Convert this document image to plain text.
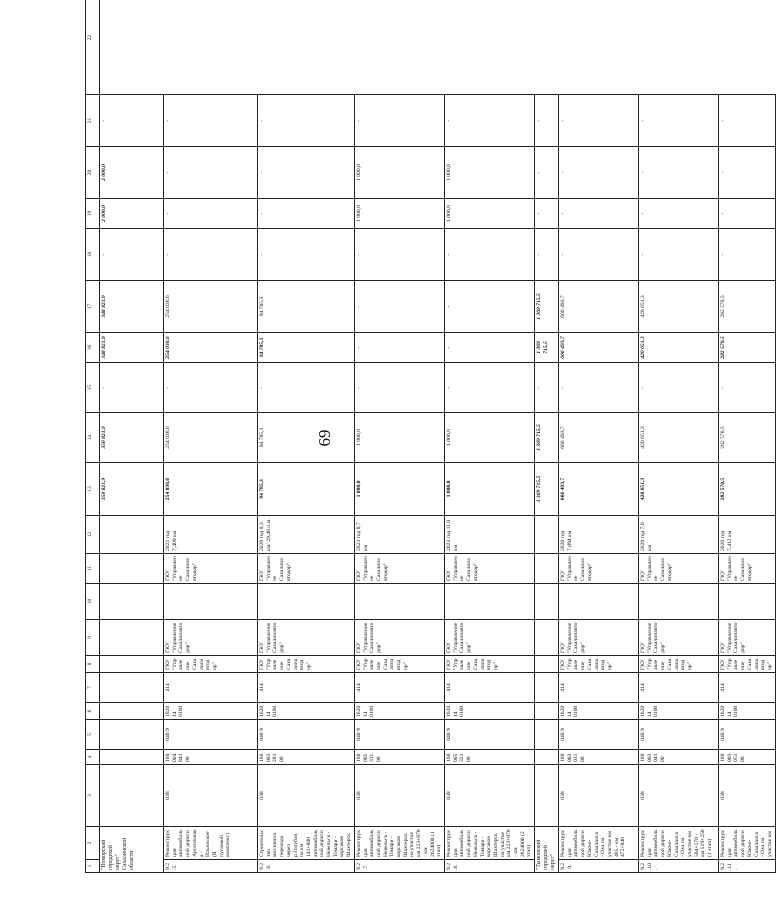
69
1	2	3	4	5	6	7	8	9	10	11	12	13	14	15	16	17	18	19	20	21	22
"Поморский городской округ" Сахалинской области												350 821,9	350 821,9	-	348 821,9	348 821,9	-	2 000,0	2 000,0	-	
9.2.5.	Реконструкция автомобильной дороги Арсентьевка - Ильинское (II пусковой комплекс)	038	160004 84100	040 9	162014 0100	414	ГКУ "Управление Сахалинавтодор"	ГКУ "Управление Сахалинавтодор"		ГКУ "Управление Сахалинавтодор"	2021 год 7,409 км	254 036,6	254 036,6	-	254 036,6	254 036,6	-	-	-	-	
9.2.6.	Строительство мостового перехода через р.Голубая на км 141+800 автомобильной дороги Невельск - Томари - корсаков Шахтерск	038	160003 28100	040 9	162014 0100	414	ГКУ "Управление Сахалинавтодор"	ГКУ "Управление Сахалинавтодор"		ГКУ "Управление Сахалинавтодор"	2020 год 0,3 км/ 29,48 п.м.	94 785,3	94 785,3	-	94 785,3	94 785,3	-	-	-	-	
9.2.7.	Реконструкция автомобильной дороги Невельск - Томари - корсаков Шахтерск на участке км 223+870 - км 2624000 (1 этап)	038	160005 31100	040 9	162014 0100	414	ГКУ "Управление Сахалинавтодор"	ГКУ "Управление Сахалинавтодор"		ГКУ "Управление Сахалинавтодор"	2023 год 8,7 км	1 000,0	1 000,0	-	-	-	-	1 000,0	1 000,0	-	
9.2.8.	Реконструкция автомобильной дороги Невельск - Томари - корсаков Шахтерск на участке км 223+870 - км 2624000 (2 этап)	038	160005 32100	040 9	162014 0100	414	ГКУ "Управление Сахалинавтодор"	ГКУ "Управление Сахалинавтодор"		ГКУ "Управление Сахалинавтодор"	2023 год 11,0 км	1 000,0	1 000,0	-	-	-	-	1 000,0	1 000,0	-	
"Тымовский городской округ"												1 369 715,5	1 369 715,5	-	1 369 715,5	1 369 715,5	-	-	-	-	
9.2.9.	Реконструкция автомобильной дороги Южно-Сахалинск - Оха на участке км 465 - км 472+840	038	160003 03100	040 9	162014 0100	414	ГКУ "Управление Сахалинавтодор"	ГКУ "Управление Сахалинавтодор"		ГКУ "Управление Сахалинавтодор"	2020 год 7,894 км	666 493,7	666 493,7	-	666 493,7	666 493,7	-	-	-	-	
9.2.10.	Реконструкция автомобильной дороги Южно-Сахалинск - Оха на участке км 504+170 - км 519+250 (1 этап)	038	160003 04100	040 9	162014 0100	414	ГКУ "Управление Сахалинавтодор"	ГКУ "Управление Сахалинавтодор"		ГКУ "Управление Сахалинавтодор"	2020 год 7,0 км	420 651,3	420 651,3	-	420 651,3	420 651,3	-	-	-	-	
9.2.11.	Реконструкция автомобильной дороги Южно-Сахалинск - Оха на участке км	038	160003 05100	040 9	162014 0100	414	ГКУ "Управление Сахалинавтодор"	ГКУ "Управление Сахалинавтодор"		ГКУ "Управление Сахалинавтодор"	2020 год 7,412 км	282 570,5	282 570,5	-	282 570,5	282 570,5	-	-	-	-	
